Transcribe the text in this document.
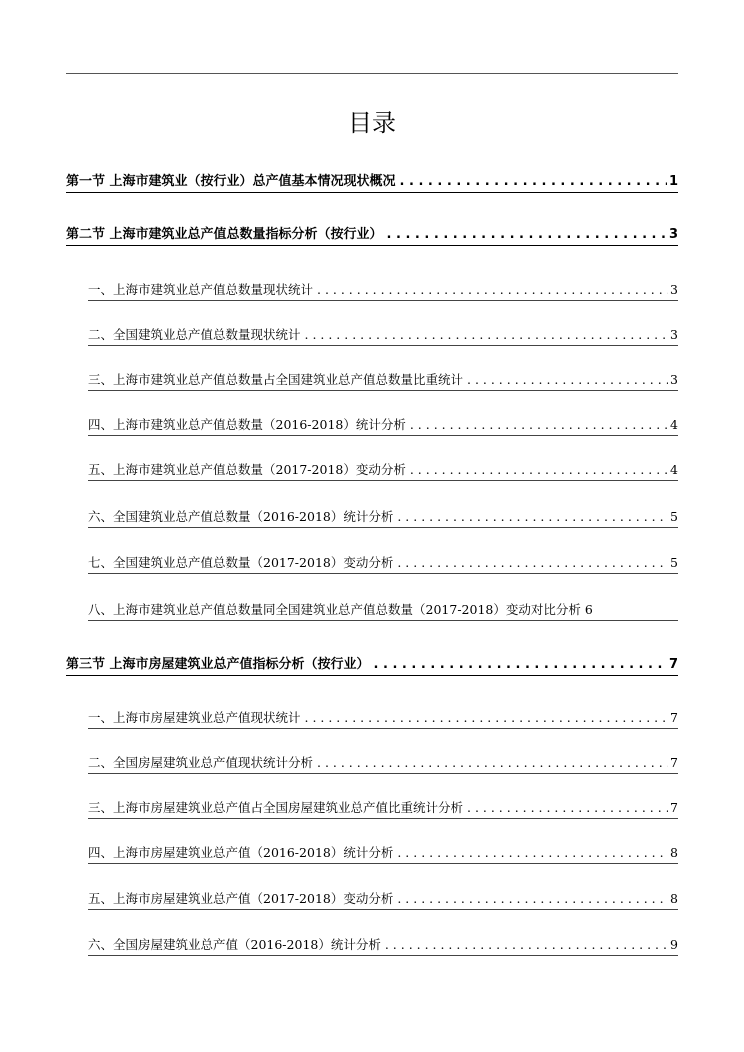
目录
第一节 上海市建筑业（按行业）总产值基本情况现状概况 . . .	1
第二节 上海市建筑业总产值总数量指标分析（按行业） . . .	3
一、上海市建筑业总产值总数量现状统计 . . .	3
二、全国建筑业总产值总数量现状统计 . . .	3
三、上海市建筑业总产值总数量占全国建筑业总产值总数量比重统计 . . .	3
四、上海市建筑业总产值总数量（2016-2018）统计分析 . . .	4
五、上海市建筑业总产值总数量（2017-2018）变动分析 . . .	4
六、全国建筑业总产值总数量（2016-2018）统计分析 . . .	5
七、全国建筑业总产值总数量（2017-2018）变动分析 . . .	5
八、上海市建筑业总产值总数量同全国建筑业总产值总数量（2017-2018）变动对比分析 6
第三节 上海市房屋建筑业总产值指标分析（按行业） . . .	7
一、上海市房屋建筑业总产值现状统计 . . .	7
二、全国房屋建筑业总产值现状统计分析 . . .	7
三、上海市房屋建筑业总产值占全国房屋建筑业总产值比重统计分析 . . .	7
四、上海市房屋建筑业总产值（2016-2018）统计分析 . . .	8
五、上海市房屋建筑业总产值（2017-2018）变动分析 . . .	8
六、全国房屋建筑业总产值（2016-2018）统计分析 . . .	9
